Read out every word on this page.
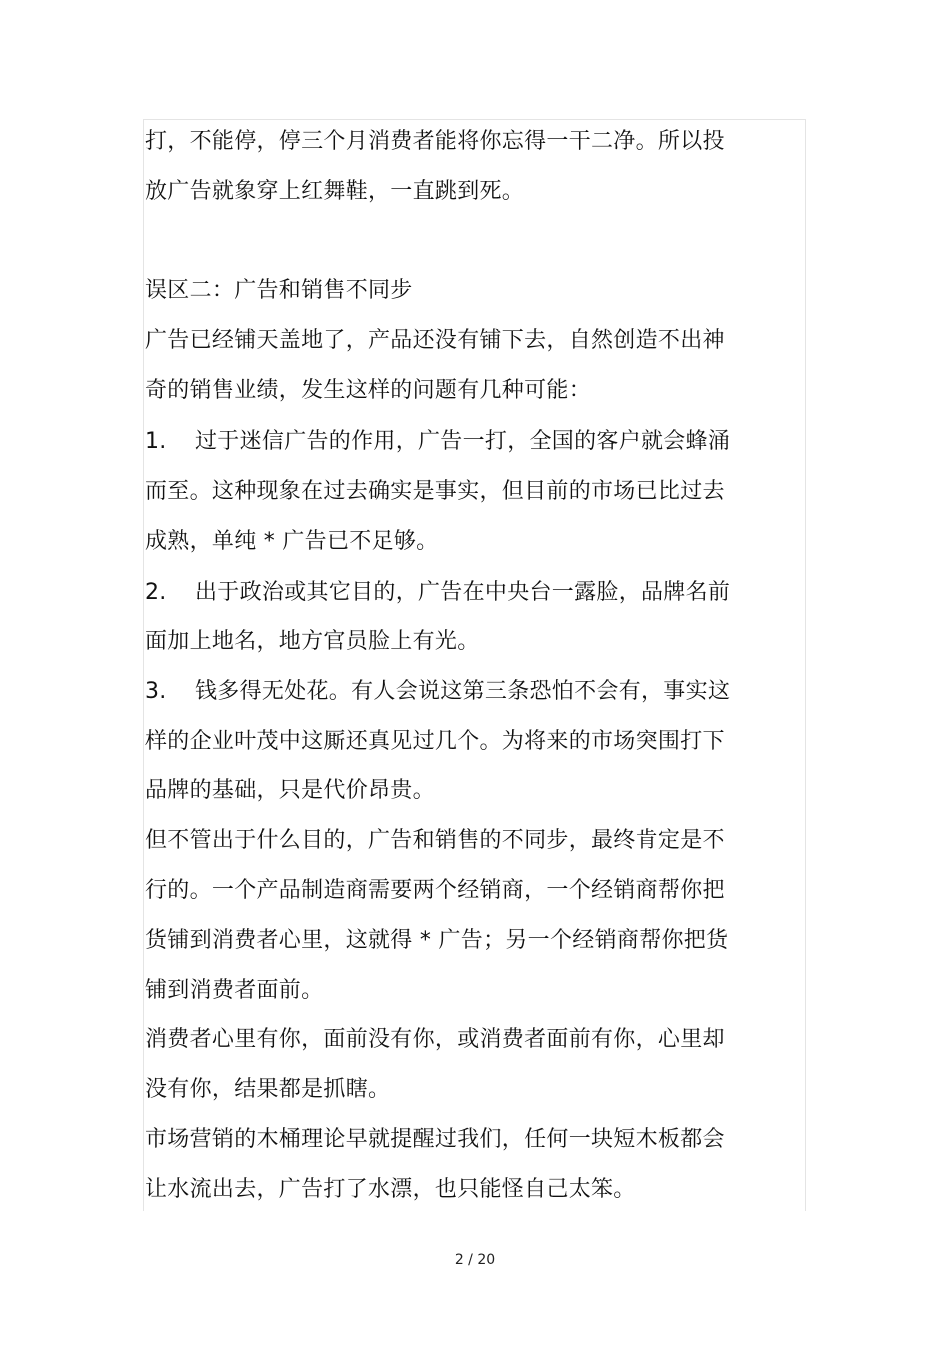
打，不能停，停三个月消费者能将你忘得一干二净。所以投
放广告就象穿上红舞鞋，一直跳到死。
误区二：广告和销售不同步
广告已经铺天盖地了，产品还没有铺下去，自然创造不出神
奇的销售业绩，发生这样的问题有几种可能：
1. 过于迷信广告的作用，广告一打，全国的客户就会蜂涌
而至。这种现象在过去确实是事实，但目前的市场已比过去
成熟，单纯 * 广告已不足够。
2. 出于政治或其它目的，广告在中央台一露脸，品牌名前
面加上地名，地方官员脸上有光。
3. 钱多得无处花。有人会说这第三条恐怕不会有，事实这
样的企业叶茂中这厮还真见过几个。为将来的市场突围打下
品牌的基础，只是代价昂贵。
但不管出于什么目的，广告和销售的不同步，最终肯定是不
行的。一个产品制造商需要两个经销商，一个经销商帮你把
货铺到消费者心里，这就得 * 广告；另一个经销商帮你把货
铺到消费者面前。
消费者心里有你，面前没有你，或消费者面前有你，心里却
没有你，结果都是抓瞎。
市场营销的木桶理论早就提醒过我们，任何一块短木板都会
让水流出去，广告打了水漂，也只能怪自己太笨。
2 / 20
